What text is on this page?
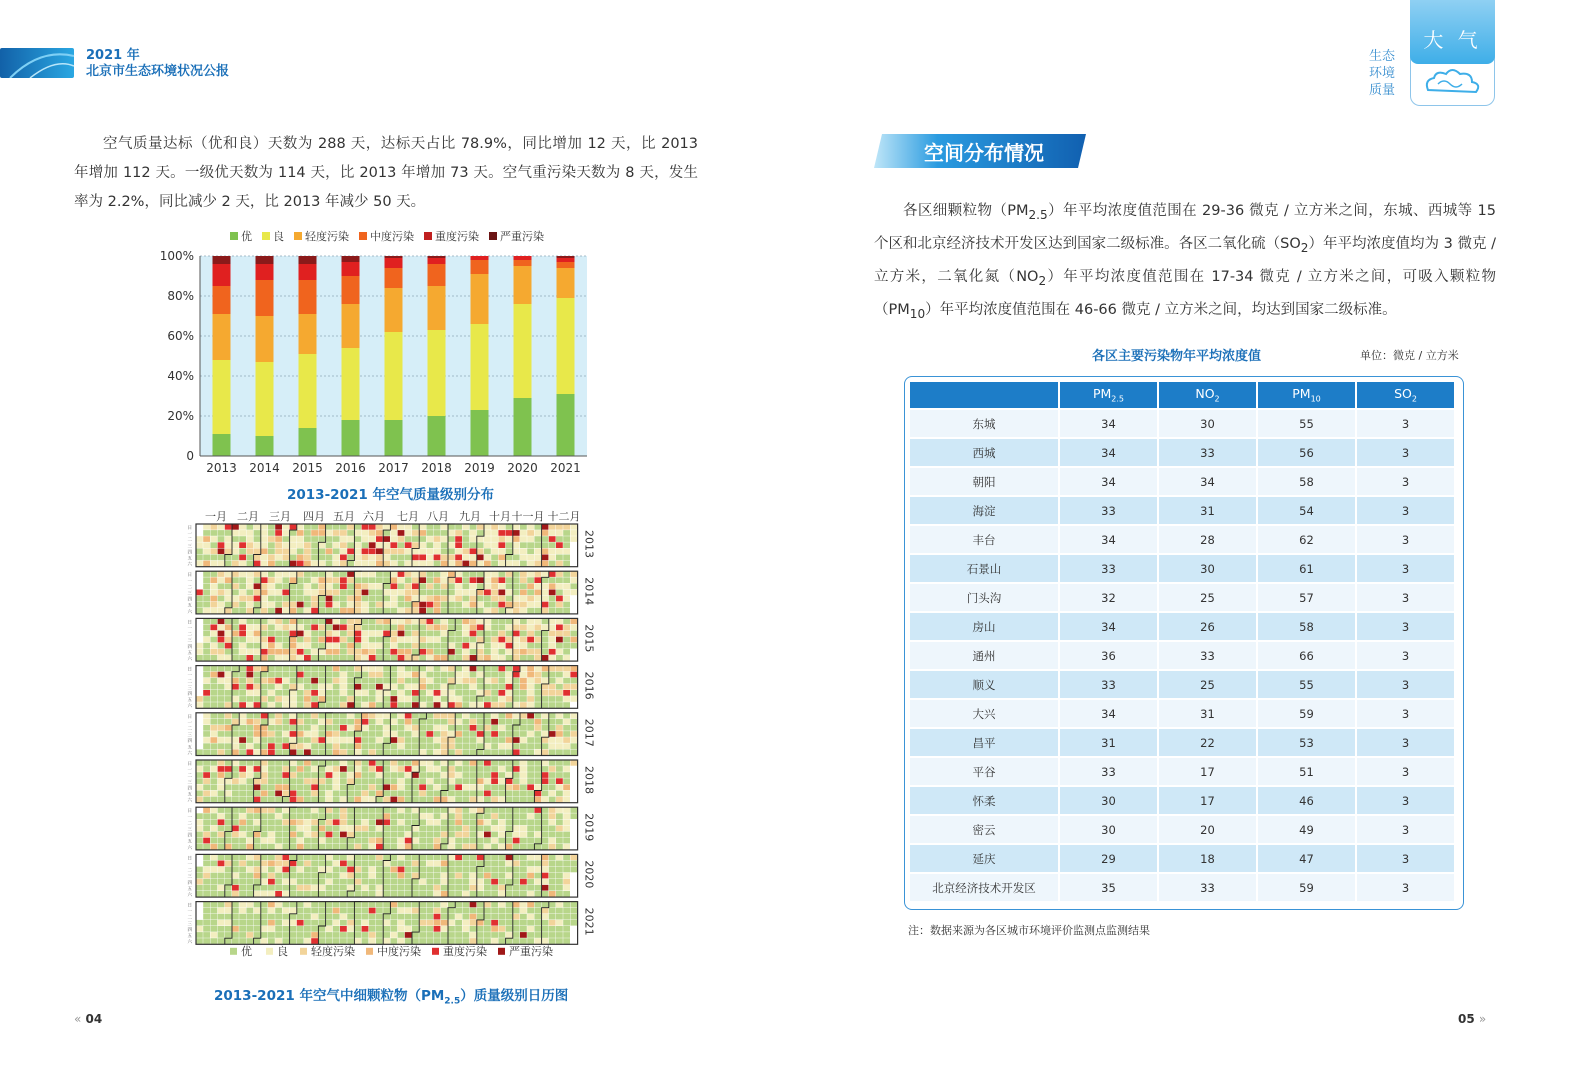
2021 年
北京市生态环境状况公报
生态
环境
质量
大 气

空气质量达标（优和良）天数为 288 天，达标天占比 78.9%，同比增加 12 天，比 2013 年增加 112 天。一级优天数为 114 天，比 2013 年增加 73 天。空气重污染天数为 8 天，发生率为 2.2%，同比减少 2 天，比 2013 年减少 50 天。

优 良 轻度污染 中度污染 重度污染 严重污染
0
20%
40%
60%
80%
100%
2013 2014 2015 2016 2017 2018 2019 2020 2021
2013-2021 年空气质量级别分布
一月 二月 三月 四月 五月 六月 七月 八月 九月 十月 十一月 十二月
日
一
二
三
四
五
六
2013
日
一
二
三
四
五
六
2014
日
一
二
三
四
五
六
2015
日
一
二
三
四
五
六
2016
日
一
二
三
四
五
六
2017
日
一
二
三
四
五
六
2018
日
一
二
三
四
五
六
2019
日
一
二
三
四
五
六
2020
日
一
二
三
四
五
六
2021
优 良 轻度污染 中度污染 重度污染 严重污染
2013-2021 年空气中细颗粒物$(PM_{2.5})$质量级别日历图
« 04
空间分布情况

各区细颗粒物$(PM_{2.5})$年平均浓度值范围在 29-36 微克 / 立方米之间，东城、西城等 15 个区和北京经济技术开发区达到国家二级标准。各区二氧化硫$(SO_2)$年平均浓度值均为 3 微克 / 立方米，二氧化氮$(NO_2)$年平均浓度值范围在 17-34 微克 / 立方米之间，可吸入颗粒物$(PM_{10})$年平均浓度值范围在 46-66 微克 / 立方米之间，均达到国家二级标准。

各区主要污染物年平均浓度值	单位：微克 / 立方米
	$PM_{2.5}$	$NO_2$	$PM_{10}$	$SO_2$
东城	34	30	55	3
西城	34	33	56	3
朝阳	34	34	58	3
海淀	33	31	54	3
丰台	34	28	62	3
石景山	33	30	61	3
门头沟	32	25	57	3
房山	34	26	58	3
通州	36	33	66	3
顺义	33	25	55	3
大兴	34	31	59	3
昌平	31	22	53	3
平谷	33	17	51	3
怀柔	30	17	46	3
密云	30	20	49	3
延庆	29	18	47	3
北京经济技术开发区	35	33	59	3
注：数据来源为各区城市环境评价监测点监测结果
05 »
